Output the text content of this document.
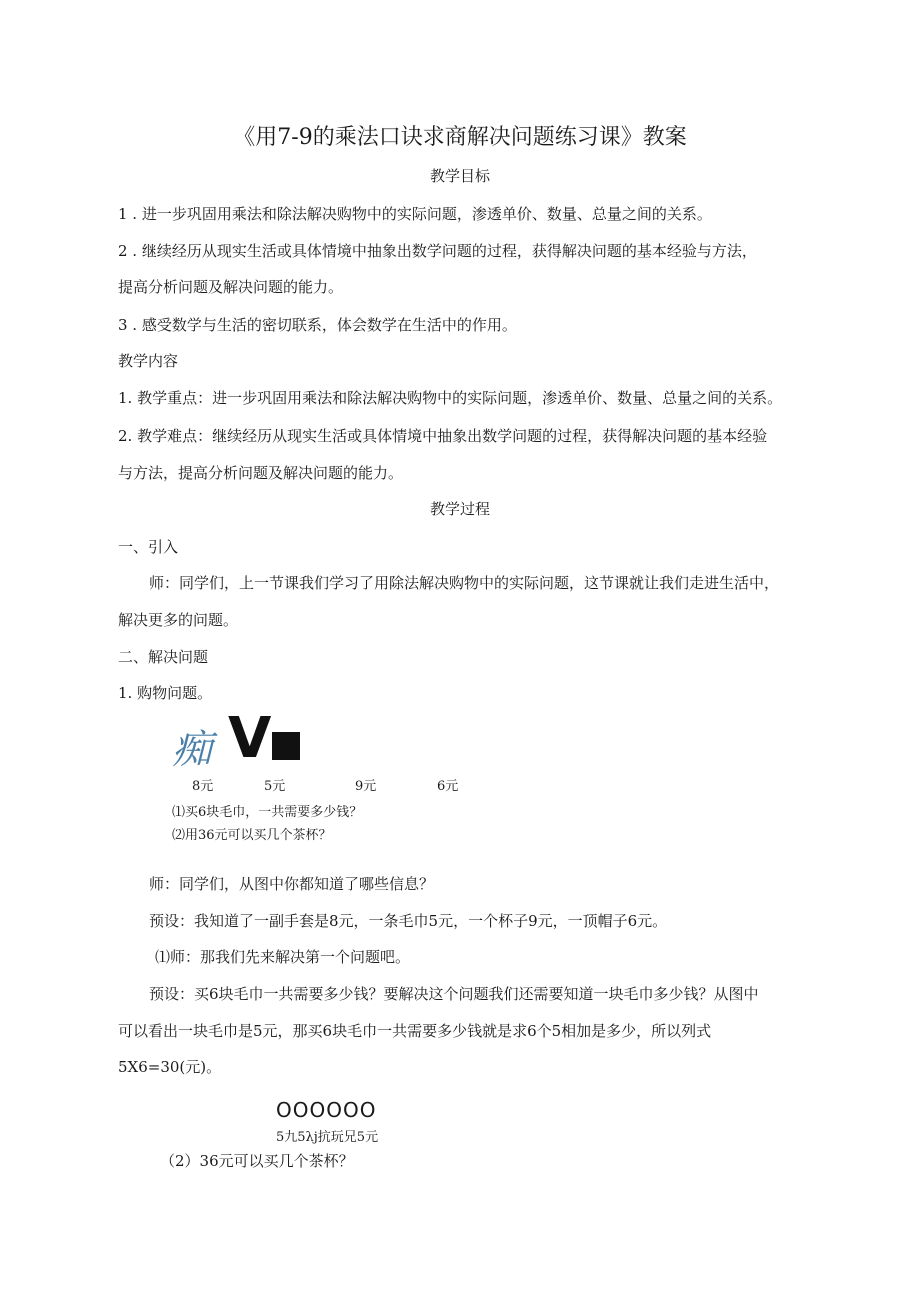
《用7-9的乘法口诀求商解决问题练习课》教案
教学目标
1 . 进一步巩固用乘法和除法解决购物中的实际问题，渗透单价、数量、总量之间的关系。
2 . 继续经历从现实生活或具体情境中抽象出数学问题的过程，获得解决问题的基本经验与方法，
提高分析问题及解决问题的能力。
3 . 感受数学与生活的密切联系，体会数学在生活中的作用。
教学内容
1. 教学重点：进一步巩固用乘法和除法解决购物中的实际问题，渗透单价、数量、总量之间的关系。
2. 教学难点：继续经历从现实生活或具体情境中抽象出数学问题的过程，获得解决问题的基本经验
与方法，提高分析问题及解决问题的能力。
教学过程
一、引入
师：同学们，上一节课我们学习了用除法解决购物中的实际问题，这节课就让我们走进生活中，
解决更多的问题。
二、解决问题
1. 购物问题。
痴 V
8元	5元	9元	6元
⑴买6块毛巾，一共需要多少钱？
⑵用36元可以买几个茶杯？
师：同学们，从图中你都知道了哪些信息？
预设：我知道了一副手套是8元，一条毛巾5元，一个杯子9元，一顶帽子6元。
⑴师：那我们先来解决第一个问题吧。
预设：买6块毛巾一共需要多少钱？要解决这个问题我们还需要知道一块毛巾多少钱？从图中
可以看出一块毛巾是5元，那买6块毛巾一共需要多少钱就是求6个5相加是多少，所以列式
5X6=30(元)。
OOOOOO
5九5λj抗玩兄5元
（2）36元可以买几个茶杯？
